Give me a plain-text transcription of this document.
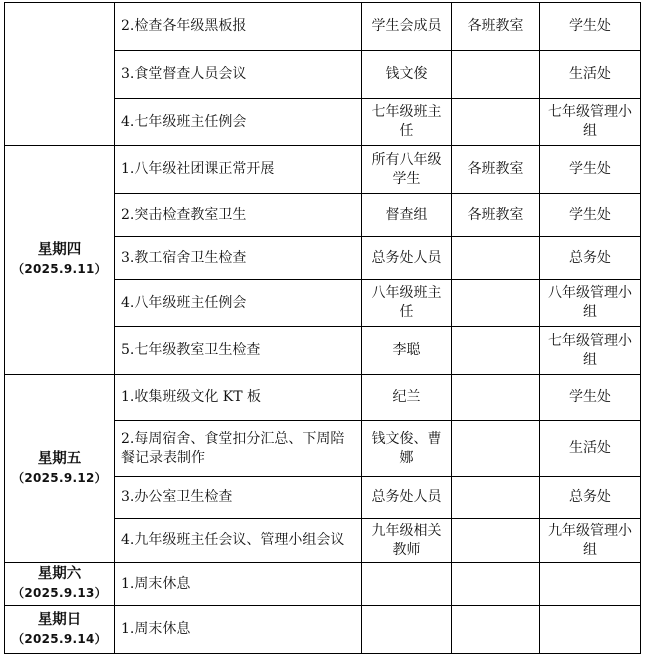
	2.检查各年级黑板报	学生会成员	各班教室	学生处
	3.食堂督查人员会议	钱文俊		生活处
	4.七年级班主任例会	七年级班主任		七年级管理小组

星期四
（2025.9.11）	1.八年级社团课正常开展	所有八年级学生	各班教室	学生处
	2.突击检查教室卫生	督查组	各班教室	学生处
	3.教工宿舍卫生检查	总务处人员		总务处
	4.八年级班主任例会	八年级班主任		八年级管理小组
	5.七年级教室卫生检查	李聪		七年级管理小组

星期五
（2025.9.12）	1.收集班级文化 KT 板	纪兰		学生处
	2.每周宿舍、食堂扣分汇总、下周陪餐记录表制作	钱文俊、曹娜		生活处
	3.办公室卫生检查	总务处人员		总务处
	4.九年级班主任会议、管理小组会议	九年级相关教师		九年级管理小组

星期六
（2025.9.13）	1.周末休息			

星期日
（2025.9.14）	1.周末休息			
